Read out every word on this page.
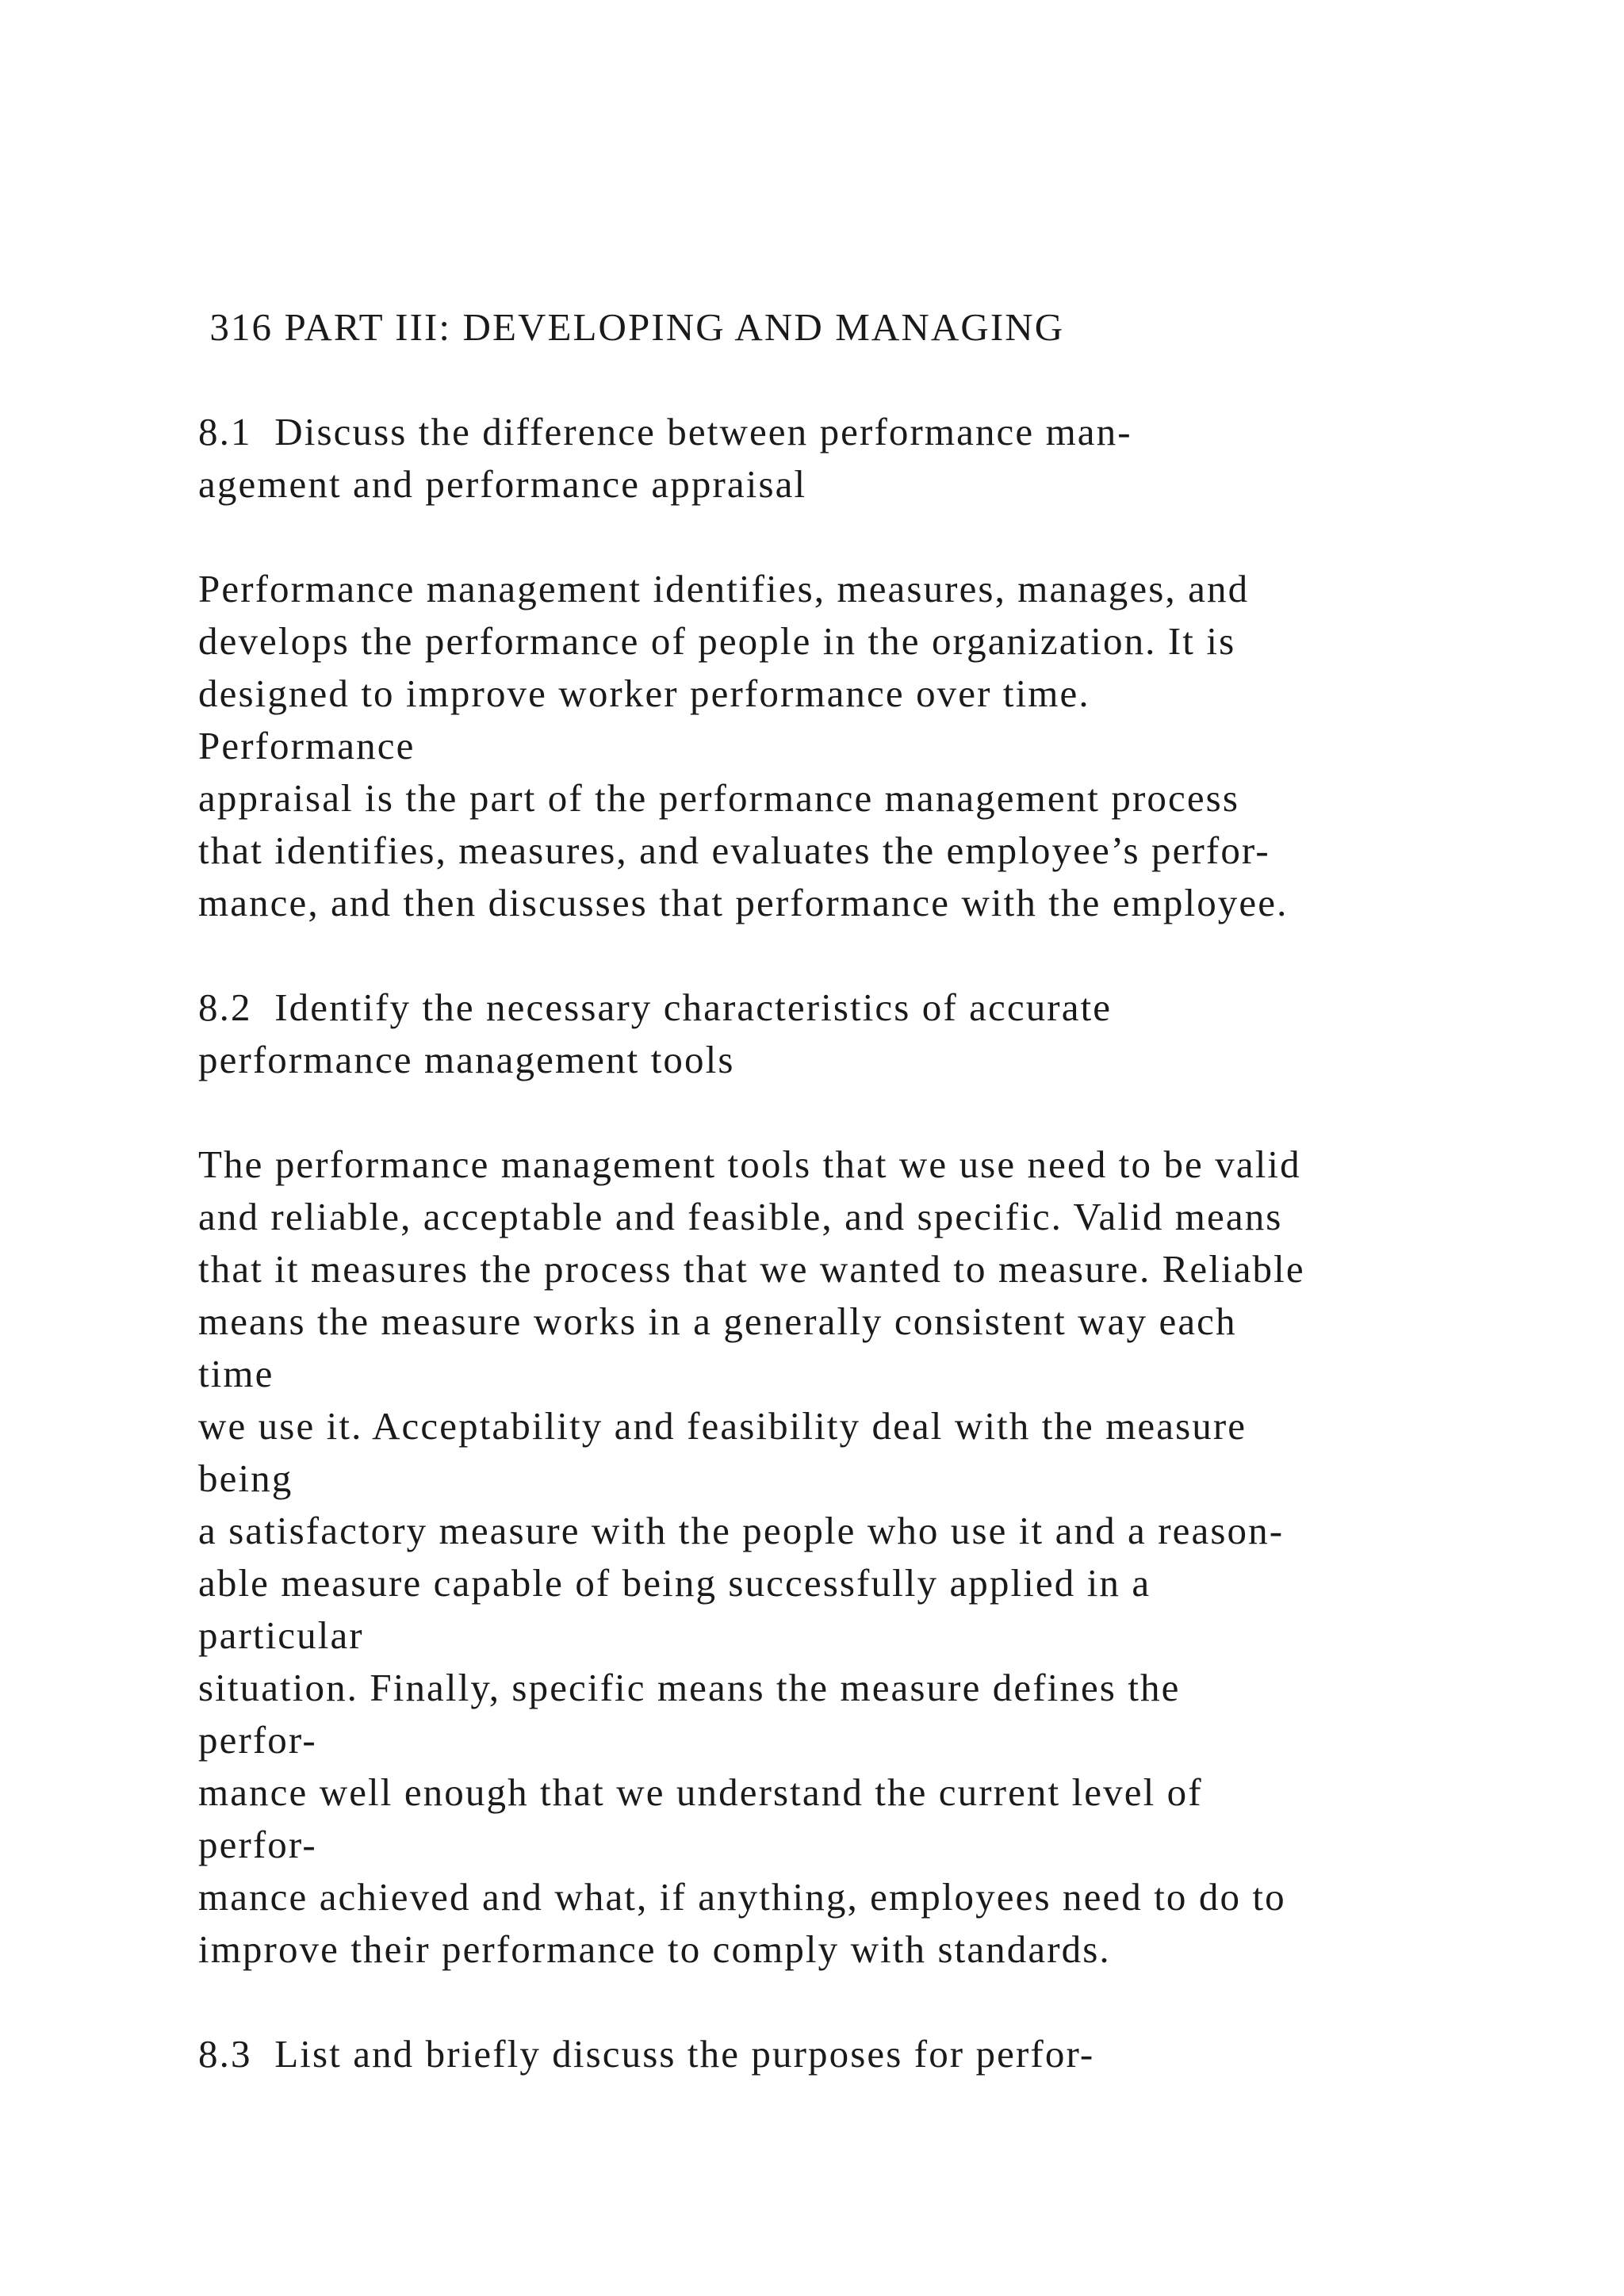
316 PART III: DEVELOPING AND MANAGING

8.1  Discuss the difference between performance man-

agement and performance appraisal

Performance management identifies, measures, manages, and

develops the performance of people in the organization. It is

designed to improve worker performance over time.

Performance

appraisal is the part of the performance management process

that identifies, measures, and evaluates the employee’s perfor-

mance, and then discusses that performance with the employee.

8.2  Identify the necessary characteristics of accurate

performance management tools

The performance management tools that we use need to be valid

and reliable, acceptable and feasible, and specific. Valid means

that it measures the process that we wanted to measure. Reliable

means the measure works in a generally consistent way each

time

we use it. Acceptability and feasibility deal with the measure

being

a satisfactory measure with the people who use it and a reason-

able measure capable of being successfully applied in a

particular

situation. Finally, specific means the measure defines the

perfor-

mance well enough that we understand the current level of

perfor-

mance achieved and what, if anything, employees need to do to

improve their performance to comply with standards.

8.3  List and briefly discuss the purposes for perfor-
